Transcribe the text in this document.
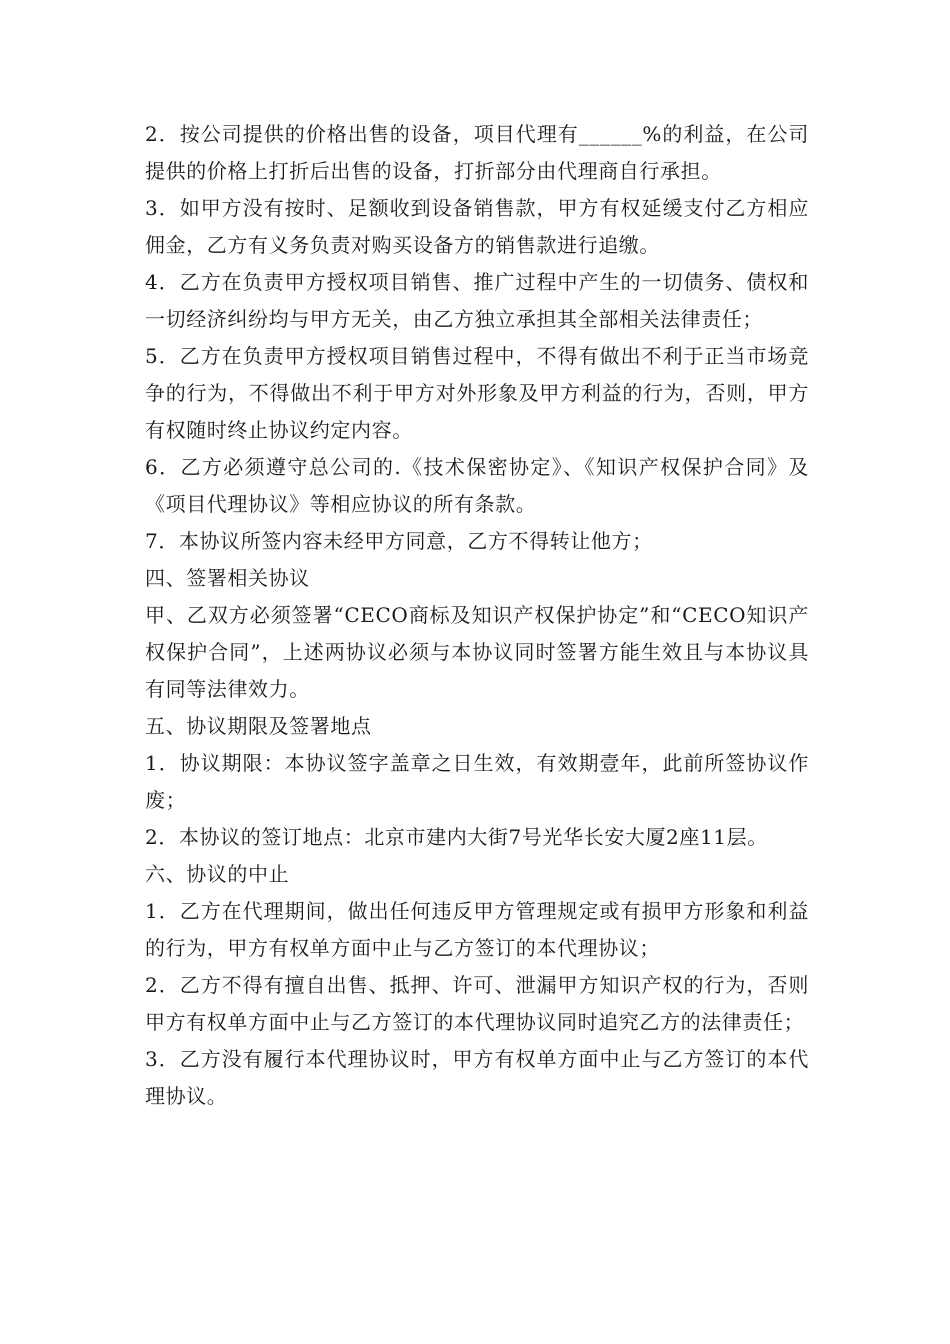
2．按公司提供的价格出售的设备，项目代理有______%的利益，在公司提供的价格上打折后出售的设备，打折部分由代理商自行承担。

3．如甲方没有按时、足额收到设备销售款，甲方有权延缓支付乙方相应佣金，乙方有义务负责对购买设备方的销售款进行追缴。

4．乙方在负责甲方授权项目销售、推广过程中产生的一切债务、债权和一切经济纠纷均与甲方无关，由乙方独立承担其全部相关法律责任；

5．乙方在负责甲方授权项目销售过程中，不得有做出不利于正当市场竞争的行为，不得做出不利于甲方对外形象及甲方利益的行为，否则，甲方有权随时终止协议约定内容。

6．乙方必须遵守总公司的.《技术保密协定》、《知识产权保护合同》及《项目代理协议》等相应协议的所有条款。

7．本协议所签内容未经甲方同意，乙方不得转让他方；

四、签署相关协议

甲、乙双方必须签署“CECO商标及知识产权保护协定”和“CECO知识产权保护合同”，上述两协议必须与本协议同时签署方能生效且与本协议具有同等法律效力。

五、协议期限及签署地点

1．协议期限：本协议签字盖章之日生效，有效期壹年，此前所签协议作废；

2．本协议的签订地点：北京市建内大街7号光华长安大厦2座11层。

六、协议的中止

1．乙方在代理期间，做出任何违反甲方管理规定或有损甲方形象和利益的行为，甲方有权单方面中止与乙方签订的本代理协议；

2．乙方不得有擅自出售、抵押、许可、泄漏甲方知识产权的行为，否则甲方有权单方面中止与乙方签订的本代理协议同时追究乙方的法律责任；

3．乙方没有履行本代理协议时，甲方有权单方面中止与乙方签订的本代理协议。
